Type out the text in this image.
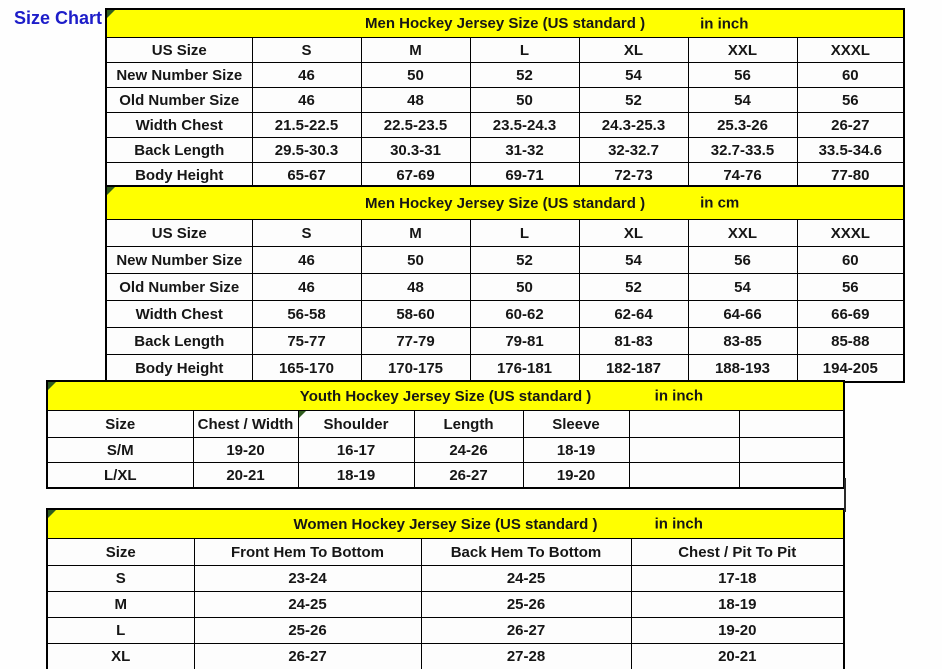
Size Chart	Men Hockey Jersey Size (US standard ) in inch						

US Size	S	M	L	XL	XXL	XXXL
New Number Size	46	50	52	54	56	60
Old Number Size	46	48	50	52	54	56
Width Chest	21.5-22.5	22.5-23.5	23.5-24.3	24.3-25.3	25.3-26	26-27
Back Length	29.5-30.3	30.3-31	31-32	32-32.7	32.7-33.5	33.5-34.6
Body Height	65-67	67-69	69-71	72-73	74-76	77-80
Men Hockey Jersey Size (US standard ) in cm						

US Size	S	M	L	XL	XXL	XXXL
New Number Size	46	50	52	54	56	60
Old Number Size	46	48	50	52	54	56
Width Chest	56-58	58-60	60-62	62-64	64-66	66-69
Back Length	75-77	77-79	79-81	81-83	83-85	85-88
Body Height	165-170	170-175	176-181	182-187	188-193	194-205
Youth Hockey Jersey Size (US standard ) in inch						

Size	Chest / Width	Shoulder	Length	Sleeve		
S/M	19-20	16-17	24-26	18-19		
L/XL	20-21	18-19	26-27	19-20		
Women Hockey Jersey Size (US standard ) in inch			

Size	Front Hem To Bottom	Back Hem To Bottom	Chest / Pit To Pit
S	23-24	24-25	17-18
M	24-25	25-26	18-19
L	25-26	26-27	19-20
XL	26-27	27-28	20-21
